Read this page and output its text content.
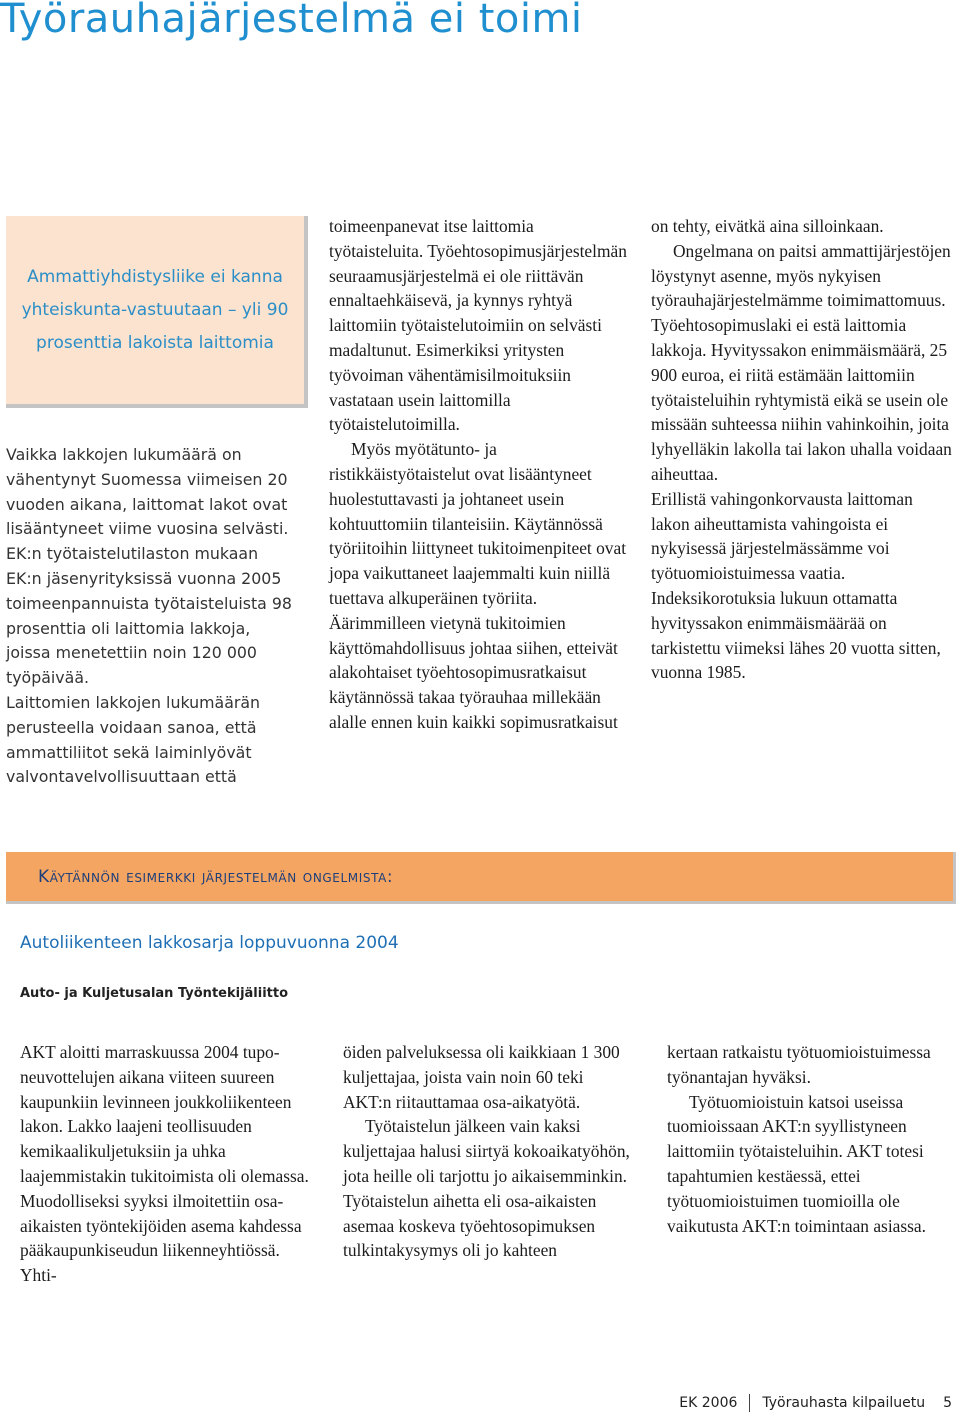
Työrauhajärjestelmä ei toimi
Ammattiyhdistysliike ei kanna yhteiskunta-vastuutaan – yli 90 prosenttia lakoista laittomia

Vaikka lakkojen lukumäärä on vähentynyt Suomessa viimeisen 20 vuoden aikana, laittomat lakot ovat lisääntyneet viime vuosina selvästi.

EK:n työtaistelutilaston mukaan EK:n jäsenyrityksissä vuonna 2005 toimeenpannuista työtaisteluista 98 prosenttia oli laittomia lakkoja, joissa menetettiin noin 120 000 työpäivää.

Laittomien lakkojen lukumäärän perusteella voidaan sanoa, että ammattiliitot sekä laiminlyövät valvontavelvollisuuttaan että

toimeenpanevat itse laittomia työtaisteluita. Työehtosopimusjärjestelmän seuraamusjärjestelmä ei ole riittävän ennaltaehkäisevä, ja kynnys ryhtyä laittomiin työtaistelutoimiin on selvästi madaltunut. Esimerkiksi yritysten työvoiman vähentämisilmoituksiin vastataan usein laittomilla työtaistelutoimilla.

Myös myötätunto- ja ristikkäistyötaistelut ovat lisääntyneet huolestuttavasti ja johtaneet usein kohtuuttomiin tilanteisiin. Käytännössä työriitoihin liittyneet tukitoimenpiteet ovat jopa vaikuttaneet laajemmalti kuin niillä tuettava alkuperäinen työriita. Äärimmilleen vietynä tukitoimien käyttömahdollisuus johtaa siihen, etteivät alakohtaiset työehtosopimusratkaisut käytännössä takaa työrauhaa millekään alalle ennen kuin kaikki sopimusratkaisut

on tehty, eivätkä aina silloinkaan.

Ongelmana on paitsi ammattijärjestöjen löystynyt asenne, myös nykyisen työrauhajärjestelmämme toimimattomuus. Työehtosopimuslaki ei estä laittomia lakkoja. Hyvityssakon enimmäismäärä, 25 900 euroa, ei riitä estämään laittomiin työtaisteluihin ryhtymistä eikä se usein ole missään suhteessa niihin vahinkoihin, joita lyhyelläkin lakolla tai lakon uhalla voidaan aiheuttaa.

Erillistä vahingonkorvausta laittoman lakon aiheuttamista vahingoista ei nykyisessä järjestelmässämme voi työtuomioistuimessa vaatia. Indeksikorotuksia lukuun ottamatta hyvityssakon enimmäismäärää on tarkistettu viimeksi lähes 20 vuotta sitten, vuonna 1985.

Käytännön esimerkki järjestelmän ongelmista:
Autoliikenteen lakkosarja loppuvuonna 2004
Auto- ja Kuljetusalan Työntekijäliitto

AKT aloitti marraskuussa 2004 tupo-neuvottelujen aikana viiteen suureen kaupunkiin levinneen joukkoliikenteen lakon. Lakko laajeni teollisuuden kemikaalikuljetuksiin ja uhka laajemmistakin tukitoimista oli olemassa. Muodolliseksi syyksi ilmoitettiin osa-aikaisten työntekijöiden asema kahdessa pääkaupunkiseudun liikenneyhtiössä. Yhti-

öiden palveluksessa oli kaikkiaan 1 300 kuljettajaa, joista vain noin 60 teki AKT:n riitauttamaa osa-aikatyötä.

Työtaistelun jälkeen vain kaksi kuljettajaa halusi siirtyä kokoaikatyöhön, jota heille oli tarjottu jo aikaisemminkin. Työtaistelun aihetta eli osa-aikaisten asemaa koskeva työehtosopimuksen tulkintakysymys oli jo kahteen

kertaan ratkaistu työtuomioistuimessa työnantajan hyväksi.

Työtuomioistuin katsoi useissa tuomioissaan AKT:n syyllistyneen laittomiin työtaisteluihin. AKT totesi tapahtumien kestäessä, ettei työtuomioistuimen tuomioilla ole vaikutusta AKT:n toimintaan asiassa.

EK 2006 Työrauhasta kilpailuetu 5
